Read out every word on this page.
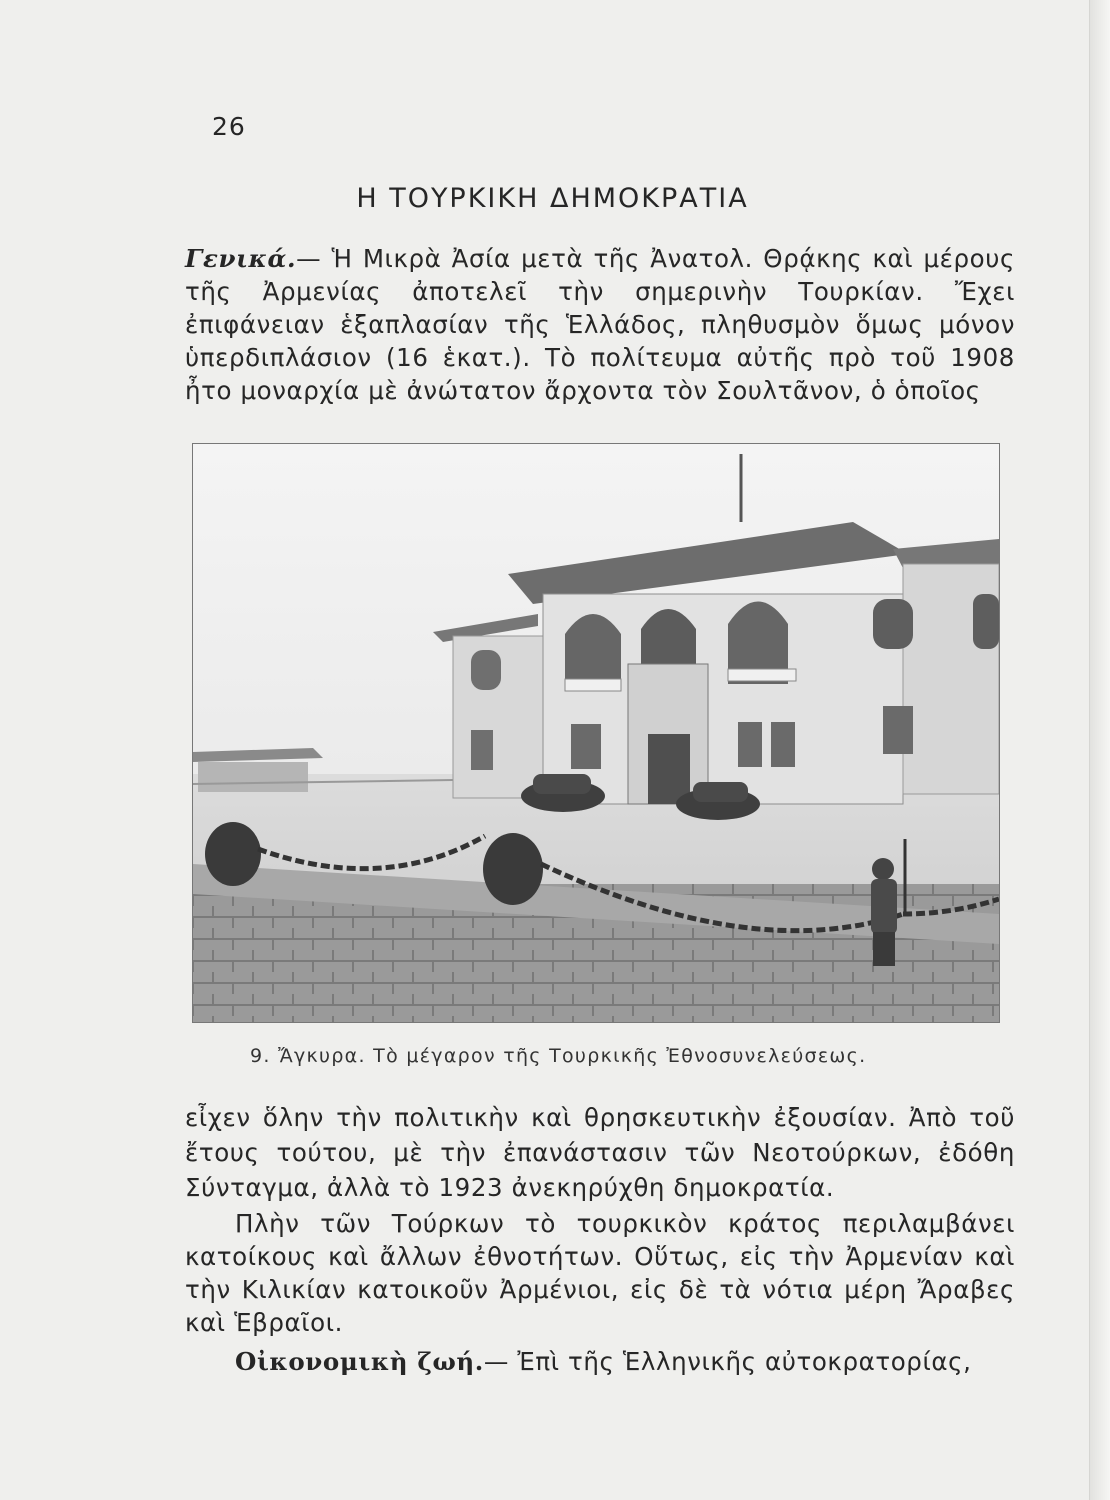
26
Η ΤΟΥΡΚΙΚΗ ΔΗΜΟΚΡΑΤΙΑ
Γενικά.— Ἡ Μικρὰ Ἀσία μετὰ τῆς Ἀνατολ. Θρᾴκης καὶ μέρους τῆς Ἀρμενίας ἀποτελεῖ τὴν σημερινὴν Τουρκίαν. Ἔχει ἐπιφάνειαν ἑξαπλασίαν τῆς Ἑλλάδος, πληθυσμὸν ὅμως μόνον ὑπερδιπλάσιον (16 ἑκατ.). Τὸ πολίτευμα αὐτῆς πρὸ τοῦ 1908 ἦτο μοναρχία μὲ ἀνώτατον ἄρχοντα τὸν Σουλτᾶνον, ὁ ὁποῖος
9. Ἄγκυρα. Τὸ μέγαρον τῆς Τουρκικῆς Ἐθνοσυνελεύσεως.
εἶχεν ὅλην τὴν πολιτικὴν καὶ θρησκευτικὴν ἐξουσίαν. Ἀπὸ τοῦ ἔτους τούτου, μὲ τὴν ἐπανάστασιν τῶν Νεοτούρκων, ἐδόθη Σύνταγμα, ἀλλὰ τὸ 1923 ἀνεκηρύχθη δημοκρατία.
Πλὴν τῶν Τούρκων τὸ τουρκικὸν κράτος περιλαμβάνει κατοίκους καὶ ἄλλων ἐθνοτήτων. Οὕτως, εἰς τὴν Ἀρμενίαν καὶ τὴν Κιλικίαν κατοικοῦν Ἀρμένιοι, εἰς δὲ τὰ νότια μέρη Ἄραβες καὶ Ἑβραῖοι.
Οἰκονομικὴ ζωή.— Ἐπὶ τῆς Ἑλληνικῆς αὐτοκρατορίας,
